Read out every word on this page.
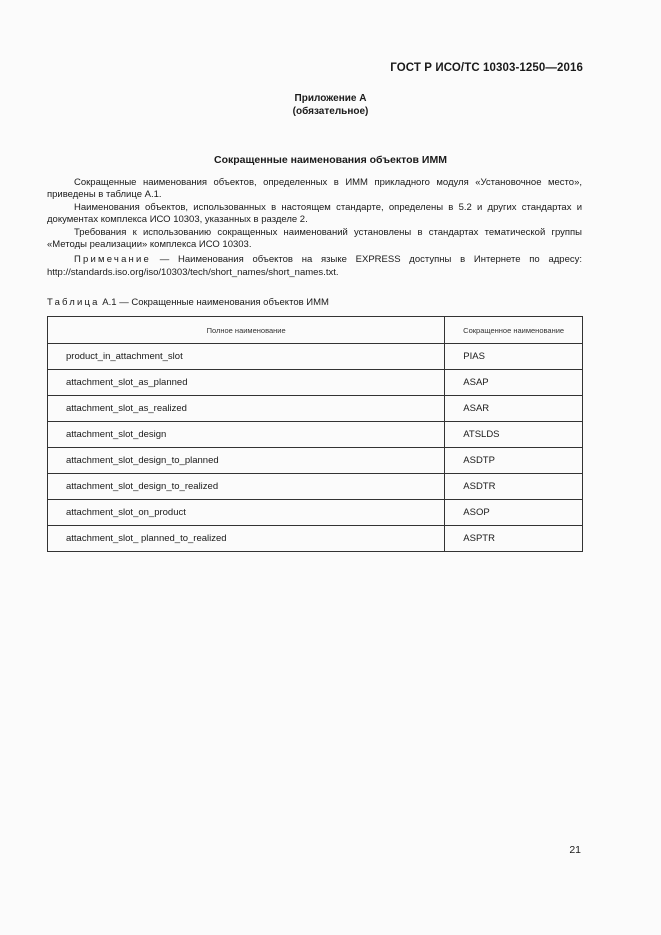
ГОСТ Р ИСО/ТС 10303-1250—2016
Приложение А
(обязательное)
Сокращенные наименования объектов ИММ

Сокращенные наименования объектов, определенных в ИММ прикладного модуля «Установочное место», приведены в таблице А.1.

Наименования объектов, использованных в настоящем стандарте, определены в 5.2 и других стандартах и документах комплекса ИСО 10303, указанных в разделе 2.

Требования к использованию сокращенных наименований установлены в стандартах тематической группы «Методы реализации» комплекса ИСО 10303.

Примечание — Наименования объектов на языке EXPRESS доступны в Интернете по адресу: http://standards.iso.org/iso/10303/tech/short_names/short_names.txt.

Таблица А.1 — Сокращенные наименования объектов ИММ
Полное наименование	Сокращенное наименование
product_in_attachment_slot	PIAS
attachment_slot_as_planned	ASAP
attachment_slot_as_realized	ASAR
attachment_slot_design	ATSLDS
attachment_slot_design_to_planned	ASDTP
attachment_slot_design_to_realized	ASDTR
attachment_slot_on_product	ASOP
attachment_slot_ planned_to_realized	ASPTR
21
